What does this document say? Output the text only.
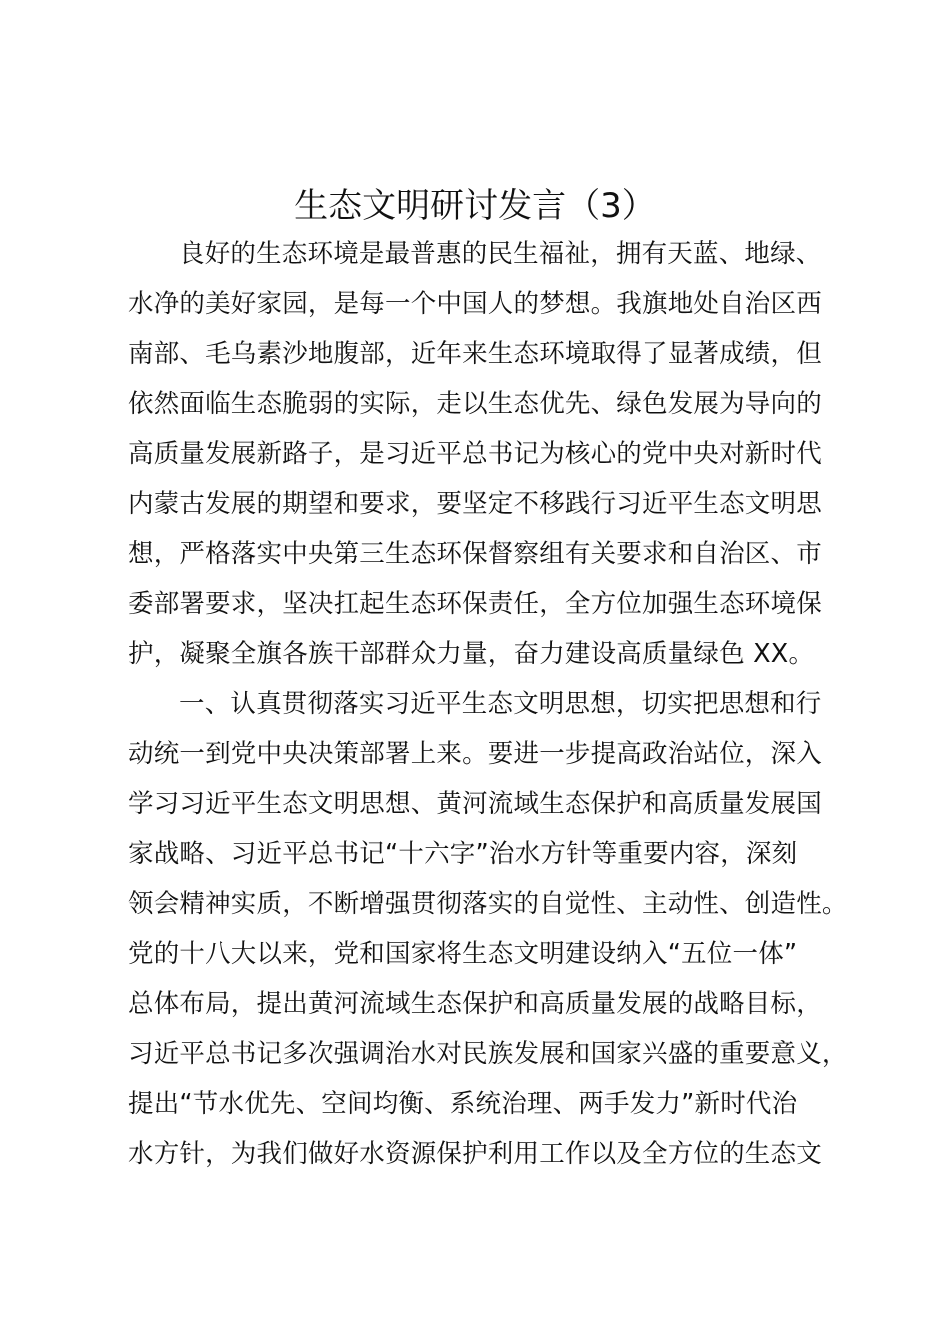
生态文明研讨发言（3）
良好的生态环境是最普惠的民生福祉，拥有天蓝、地绿、
水净的美好家园，是每一个中国人的梦想。我旗地处自治区西
南部、毛乌素沙地腹部，近年来生态环境取得了显著成绩，但
依然面临生态脆弱的实际，走以生态优先、绿色发展为导向的
高质量发展新路子，是习近平总书记为核心的党中央对新时代
内蒙古发展的期望和要求，要坚定不移践行习近平生态文明思
想，严格落实中央第三生态环保督察组有关要求和自治区、市
委部署要求，坚决扛起生态环保责任，全方位加强生态环境保
护，凝聚全旗各族干部群众力量，奋力建设高质量绿色 XX。
一、认真贯彻落实习近平生态文明思想，切实把思想和行
动统一到党中央决策部署上来。要进一步提高政治站位，深入
学习习近平生态文明思想、黄河流域生态保护和高质量发展国
家战略、习近平总书记“十六字”治水方针等重要内容，深刻
领会精神实质，不断增强贯彻落实的自觉性、主动性、创造性。
党的十八大以来，党和国家将生态文明建设纳入“五位一体”
总体布局，提出黄河流域生态保护和高质量发展的战略目标，
习近平总书记多次强调治水对民族发展和国家兴盛的重要意义，
提出“节水优先、空间均衡、系统治理、两手发力”新时代治
水方针，为我们做好水资源保护利用工作以及全方位的生态文
